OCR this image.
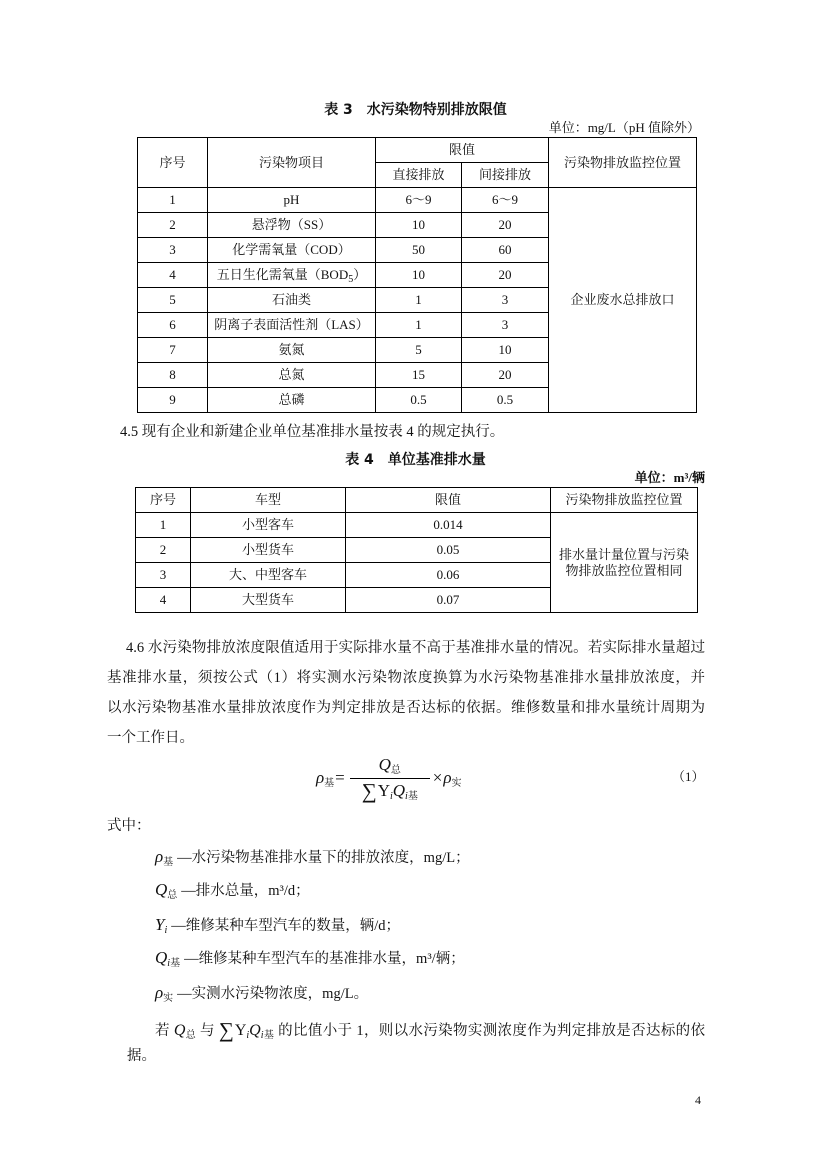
表 3　水污染物特别排放限值
单位：mg/L（pH 值除外）
序号	污染物项目	限值		污染物排放监控位置
		直接排放	间接排放	
1	pH	6～9	6～9	企业废水总排放口
2	悬浮物（SS）	10	20	
3	化学需氧量（COD）	50	60	
4	五日生化需氧量$(BOD_5)$	10	20	
5	石油类	1	3	
6	阴离子表面活性剂（LAS）	1	3	
7	氨氮	5	10	
8	总氮	15	20	
9	总磷	0.5	0.5	
4.5 现有企业和新建企业单位基准排水量按表 4 的规定执行。
表 4　单位基准排水量
单位：m³/辆
序号	车型	限值	污染物排放监控位置
1	小型客车	0.014	排水量计量位置与污染物排放监控位置相同
2	小型货车	0.05	
3	大、中型客车	0.06	
4	大型货车	0.07	
4.6 水污染物排放浓度限值适用于实际排水量不高于基准排水量的情况。若实际排水量超过
基准排水量，须按公式（1）将实测水污染物浓度换算为水污染物基准排水量排放浓度，并
以水污染物基准水量排放浓度作为判定排放是否达标的依据。维修数量和排水量统计周期为
一个工作日。
$\rho_基 = \frac{Q_总}{\sum Y_iQ_{i基}} \times \rho_实$	（1）
式中：
$\rho_基$ —水污染物基准排水量下的排放浓度，mg/L；
$Q_总$ —排水总量，m³/d；
$Y_i$ —维修某种车型汽车的数量，辆/d；
$Q_{i基}$ —维修某种车型汽车的基准排水量，m³/辆；
$\rho_实$ —实测水污染物浓度，mg/L。
若 $Q_总$ 与 $\sum Y_iQ_{i基}$ 的比值小于 1，则以水污染物实测浓度作为判定排放是否达标的依
据。
4
